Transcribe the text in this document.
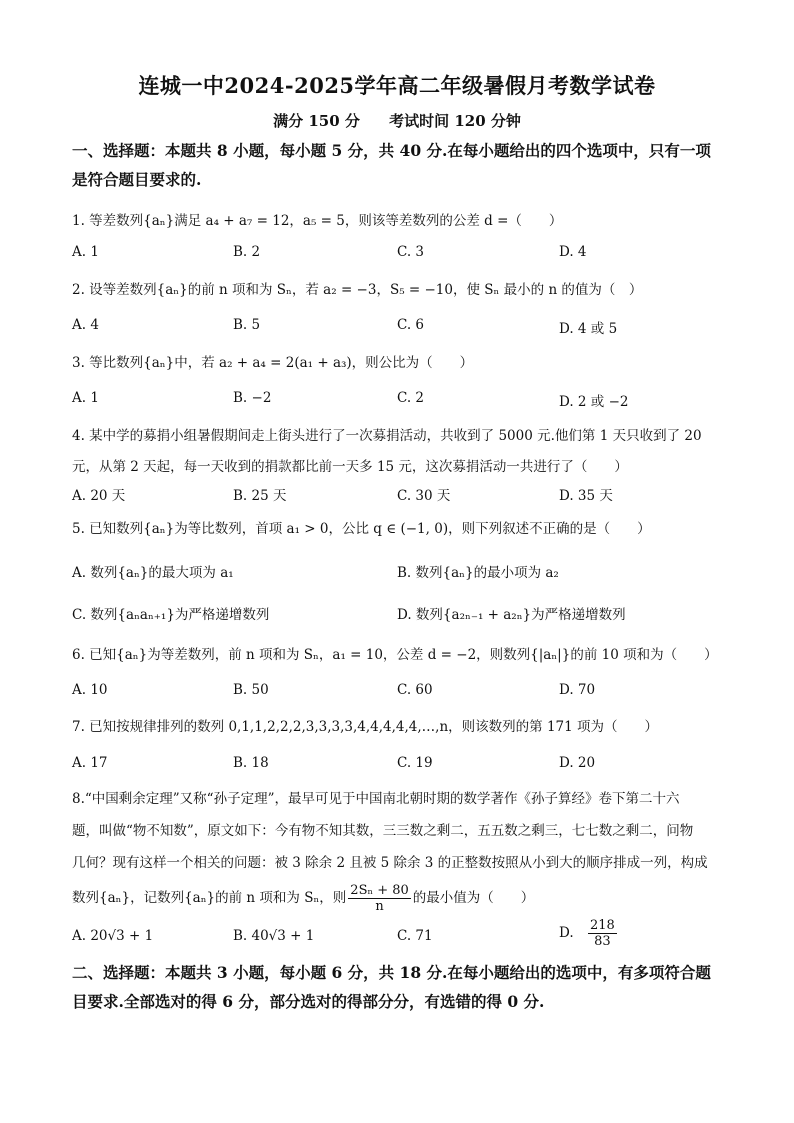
连城一中2024-2025学年高二年级暑假月考数学试卷
满分 150 分 考试时间 120 分钟
一、选择题：本题共 8 小题，每小题 5 分，共 40 分.在每小题给出的四个选项中，只有一项
是符合题目要求的.
1. 等差数列{aₙ}满足 a₄ + a₇ = 12，a₅ = 5，则该等差数列的公差 d =（　　）
A. 1	B. 2	C. 3	D. 4
2. 设等差数列{aₙ}的前 n 项和为 Sₙ，若 a₂ = −3，S₅ = −10，使 Sₙ 最小的 n 的值为（　）
A. 4	B. 5	C. 6	D. 4 或 5
3. 等比数列{aₙ}中，若 a₂ + a₄ = 2(a₁ + a₃)，则公比为（　　）
A. 1	B. −2	C. 2	D. 2 或 −2
4. 某中学的募捐小组暑假期间走上街头进行了一次募捐活动，共收到了 5000 元.他们第 1 天只收到了 20
元，从第 2 天起，每一天收到的捐款都比前一天多 15 元，这次募捐活动一共进行了（　　）
A. 20 天	B. 25 天	C. 30 天	D. 35 天
5. 已知数列{aₙ}为等比数列，首项 a₁ > 0，公比 q ∈ (−1, 0)，则下列叙述不正确的是（　　）
A. 数列{aₙ}的最大项为 a₁	B. 数列{aₙ}的最小项为 a₂
C. 数列{aₙaₙ₊₁}为严格递增数列	D. 数列{a₂ₙ₋₁ + a₂ₙ}为严格递增数列
6. 已知{aₙ}为等差数列，前 n 项和为 Sₙ，a₁ = 10，公差 d = −2，则数列{|aₙ|}的前 10 项和为（　　）
A. 10	B. 50	C. 60	D. 70
7. 已知按规律排列的数列 0,1,1,2,2,2,3,3,3,3,4,4,4,4,4,…,n，则该数列的第 171 项为（　　）
A. 17	B. 18	C. 19	D. 20
8.“中国剩余定理”又称“孙子定理”，最早可见于中国南北朝时期的数学著作《孙子算经》卷下第二十六
题，叫做“物不知数”，原文如下：今有物不知其数，三三数之剩二，五五数之剩三，七七数之剩二，问物
几何？现有这样一个相关的问题：被 3 除余 2 且被 5 除余 3 的正整数按照从小到大的顺序排成一列，构成
数列{aₙ}，记数列{aₙ}的前 n 项和为 Sₙ，则 $\frac{\text{2Sₙ + 80}}{n}$ 的最小值为（　　）
A. 20√3 + 1	B. 40√3 + 1	C. 71	D. $\frac{218}{83}$
二、选择题：本题共 3 小题，每小题 6 分，共 18 分.在每小题给出的选项中，有多项符合题
目要求.全部选对的得 6 分，部分选对的得部分分，有选错的得 0 分.
